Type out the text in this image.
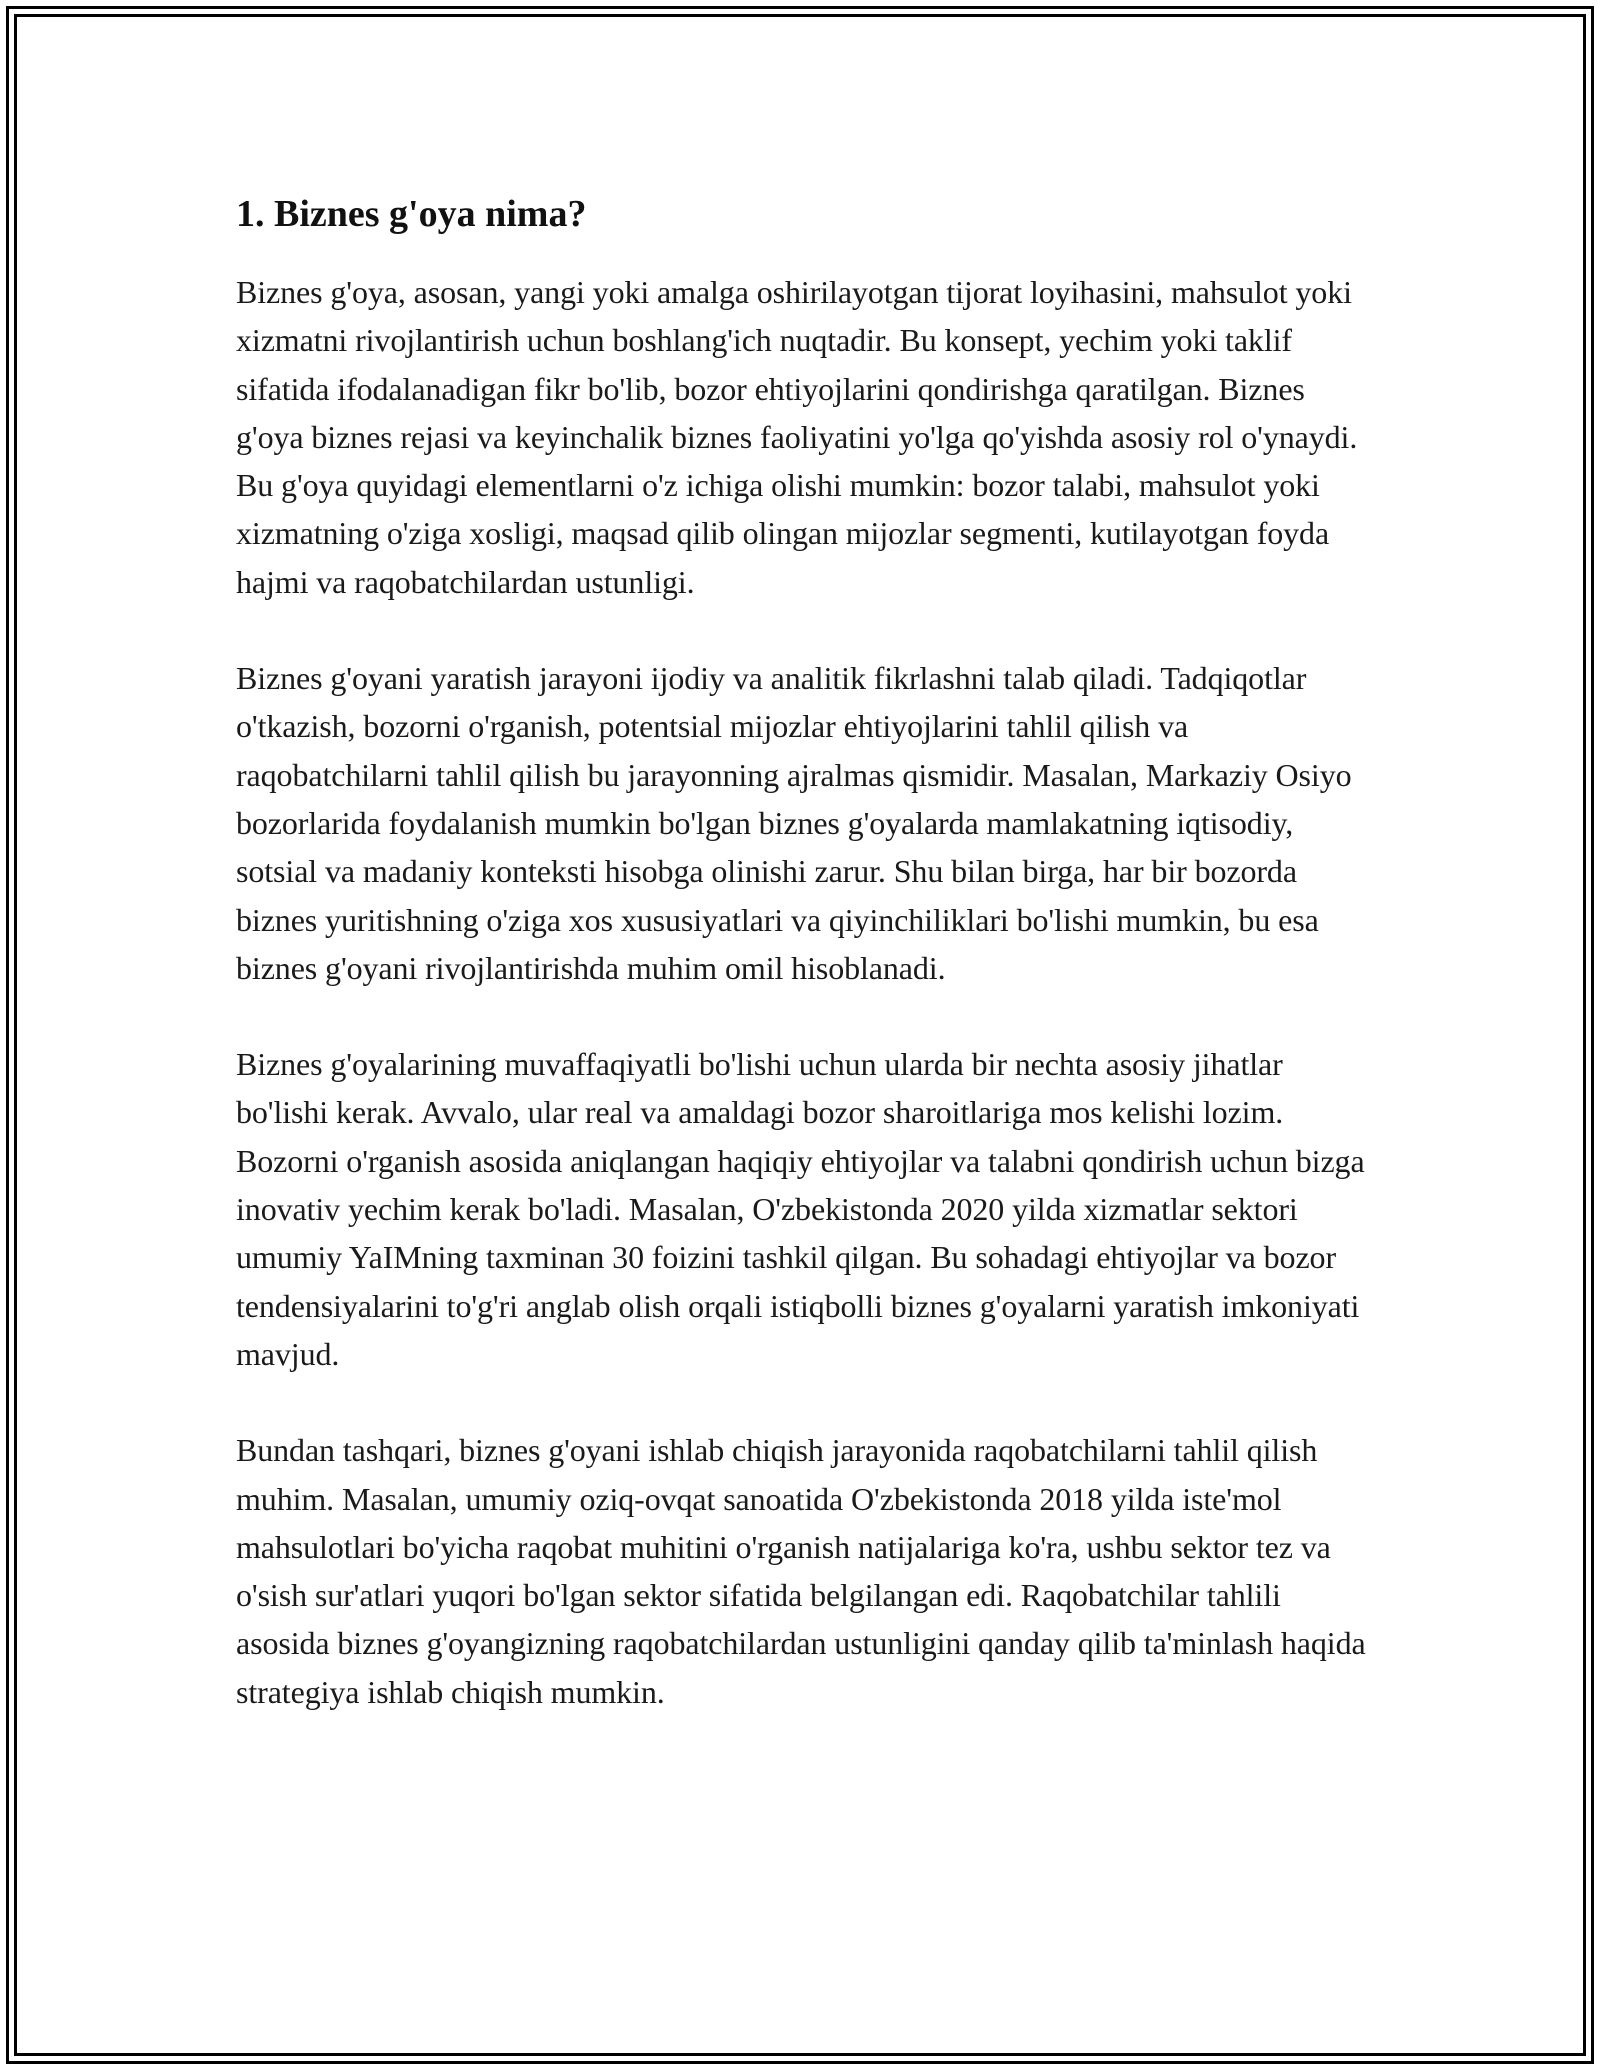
1. Biznes g'oya nima?

Biznes g'oya, asosan, yangi yoki amalga oshirilayotgan tijorat loyihasini, mahsulot yoki xizmatni rivojlantirish uchun boshlang'ich nuqtadir. Bu konsept, yechim yoki taklif sifatida ifodalanadigan fikr bo'lib, bozor ehtiyojlarini qondirishga qaratilgan. Biznes g'oya biznes rejasi va keyinchalik biznes faoliyatini yo'lga qo'yishda asosiy rol o'ynaydi. Bu g'oya quyidagi elementlarni o'z ichiga olishi mumkin: bozor talabi, mahsulot yoki xizmatning o'ziga xosligi, maqsad qilib olingan mijozlar segmenti, kutilayotgan foyda hajmi va raqobatchilardan ustunligi.

Biznes g'oyani yaratish jarayoni ijodiy va analitik fikrlashni talab qiladi. Tadqiqotlar o'tkazish, bozorni o'rganish, potentsial mijozlar ehtiyojlarini tahlil qilish va raqobatchilarni tahlil qilish bu jarayonning ajralmas qismidir. Masalan, Markaziy Osiyo bozorlarida foydalanish mumkin bo'lgan biznes g'oyalarda mamlakatning iqtisodiy, sotsial va madaniy konteksti hisobga olinishi zarur. Shu bilan birga, har bir bozorda biznes yuritishning o'ziga xos xususiyatlari va qiyinchiliklari bo'lishi mumkin, bu esa biznes g'oyani rivojlantirishda muhim omil hisoblanadi.

Biznes g'oyalarining muvaffaqiyatli bo'lishi uchun ularda bir nechta asosiy jihatlar bo'lishi kerak. Avvalo, ular real va amaldagi bozor sharoitlariga mos kelishi lozim. Bozorni o'rganish asosida aniqlangan haqiqiy ehtiyojlar va talabni qondirish uchun bizga inovativ yechim kerak bo'ladi. Masalan, O'zbekistonda 2020 yilda xizmatlar sektori umumiy YaIMning taxminan 30 foizini tashkil qilgan. Bu sohadagi ehtiyojlar va bozor tendensiyalarini to'g'ri anglab olish orqali istiqbolli biznes g'oyalarni yaratish imkoniyati mavjud.

Bundan tashqari, biznes g'oyani ishlab chiqish jarayonida raqobatchilarni tahlil qilish muhim. Masalan, umumiy oziq-ovqat sanoatida O'zbekistonda 2018 yilda iste'mol mahsulotlari bo'yicha raqobat muhitini o'rganish natijalariga ko'ra, ushbu sektor tez va o'sish sur'atlari yuqori bo'lgan sektor sifatida belgilangan edi. Raqobatchilar tahlili asosida biznes g'oyangizning raqobatchilardan ustunligini qanday qilib ta'minlash haqida strategiya ishlab chiqish mumkin.
